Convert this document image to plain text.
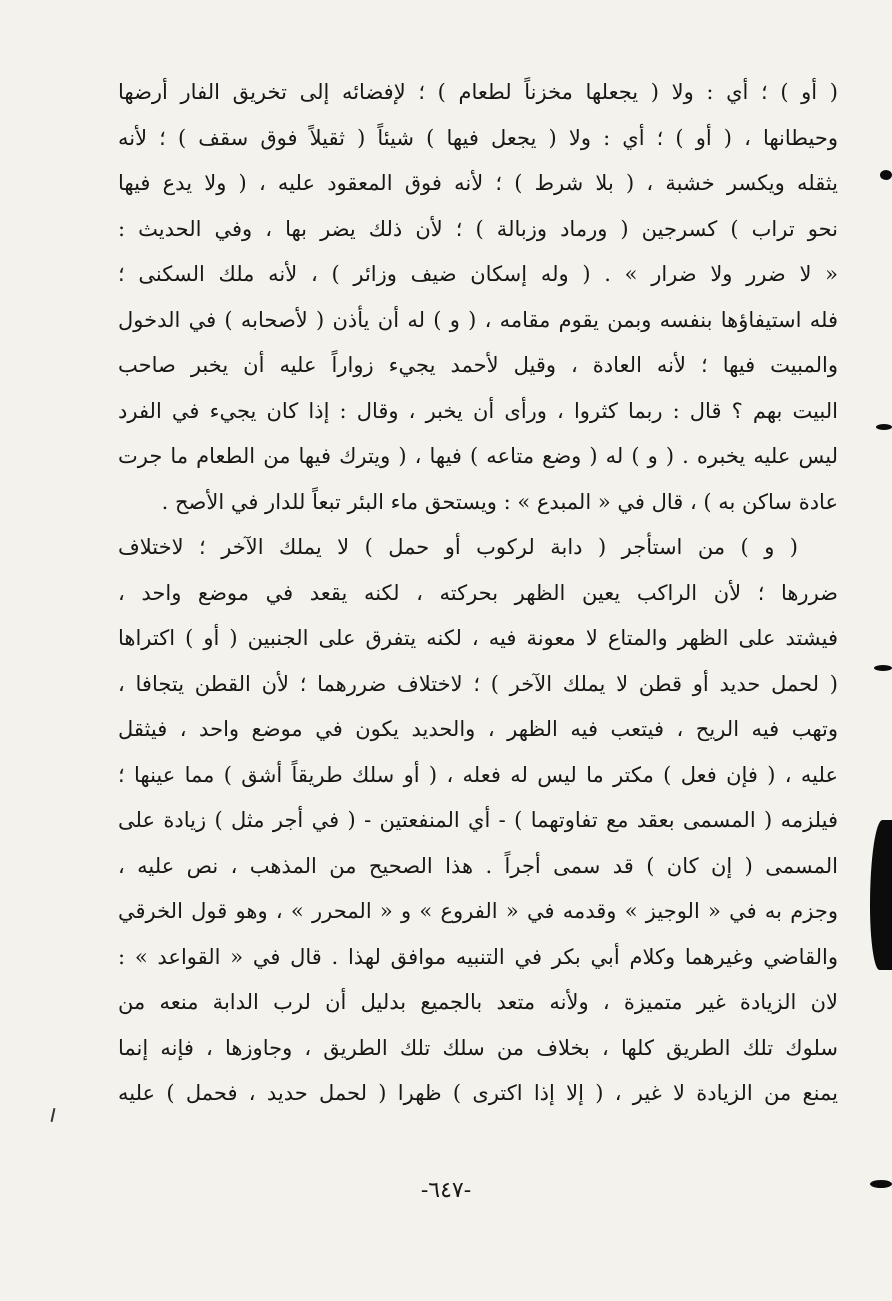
( أو ) ؛ أي : ولا ( يجعلها مخزناً لطعام ) ؛ لإفضائه إلى تخريق الفار أرضها
وحيطانها ، ( أو ) ؛ أي : ولا ( يجعل فيها ) شيئاً ( ثقيلاً فوق سقف ) ؛ لأنه
يثقله ويكسر خشبة ، ( بلا شرط ) ؛ لأنه فوق المعقود عليه ، ( ولا يدع فيها
نحو تراب ) كسرجين ( ورماد وزبالة ) ؛ لأن ذلك يضر بها ، وفي الحديث :
« لا ضرر ولا ضرار » . ( وله إسكان ضيف وزائر ) ، لأنه ملك السكنى ؛
فله استيفاؤها بنفسه وبمن يقوم مقامه ، ( و ) له أن يأذن ( لأصحابه ) في الدخول
والمبيت فيها ؛ لأنه العادة ، وقيل لأحمد يجيء زواراً عليه أن يخبر صاحب
البيت بهم ؟ قال : ربما كثروا ، ورأى أن يخبر ، وقال : إذا كان يجيء في الفرد
ليس عليه يخبره . ( و ) له ( وضع متاعه ) فيها ، ( ويترك فيها من الطعام ما جرت
عادة ساكن به ) ، قال في « المبدع » : ويستحق ماء البئر تبعاً للدار في الأصح .
( و ) من استأجر ( دابة لركوب أو حمل ) لا يملك الآخر ؛ لاختلاف
ضررها ؛ لأن الراكب يعين الظهر بحركته ، لكنه يقعد في موضع واحد ،
فيشتد على الظهر والمتاع لا معونة فيه ، لكنه يتفرق على الجنبين ( أو ) اكتراها
( لحمل حديد أو قطن لا يملك الآخر ) ؛ لاختلاف ضررهما ؛ لأن القطن يتجافا ،
وتهب فيه الريح ، فيتعب فيه الظهر ، والحديد يكون في موضع واحد ، فيثقل
عليه ، ( فإن فعل ) مكتر ما ليس له فعله ، ( أو سلك طريقاً أشق ) مما عينها ؛
فيلزمه ( المسمى بعقد مع تفاوتهما ) - أي المنفعتين - ( في أجر مثل ) زيادة على
المسمى ( إن كان ) قد سمى أجراً . هذا الصحيح من المذهب ، نص عليه ،
وجزم به في « الوجيز » وقدمه في « الفروع » و « المحرر » ، وهو قول الخرقي
والقاضي وغيرهما وكلام أبي بكر في التنبيه موافق لهذا . قال في « القواعد » :
لان الزيادة غير متميزة ، ولأنه متعد بالجميع بدليل أن لرب الدابة منعه من
سلوك تلك الطريق كلها ، بخلاف من سلك تلك الطريق ، وجاوزها ، فإنه إنما
يمنع من الزيادة لا غير ، ( إلا إذا اكترى ) ظهرا ( لحمل حديد ، فحمل ) عليه
-٦٤٧-
